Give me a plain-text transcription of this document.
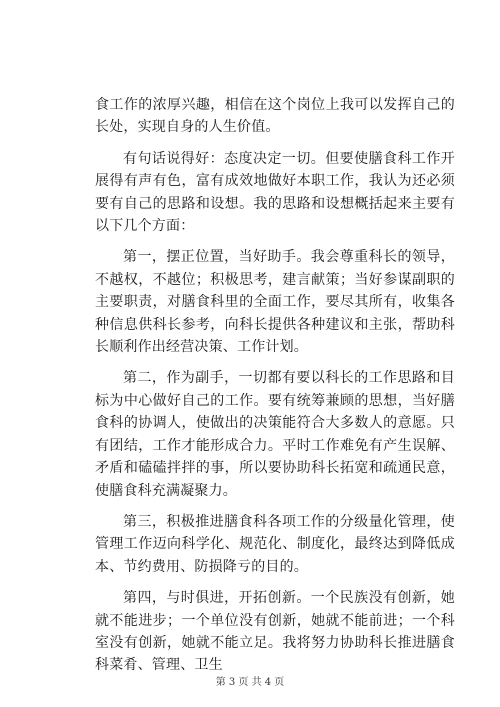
食工作的浓厚兴趣，相信在这个岗位上我可以发挥自己的长处，实现自身的人生价值。

有句话说得好：态度决定一切。但要使膳食科工作开展得有声有色，富有成效地做好本职工作，我认为还必须要有自己的思路和设想。我的思路和设想概括起来主要有以下几个方面：

第一，摆正位置，当好助手。我会尊重科长的领导，不越权，不越位；积极思考，建言献策；当好参谋副职的主要职责，对膳食科里的全面工作，要尽其所有，收集各种信息供科长参考，向科长提供各种建议和主张，帮助科长顺利作出经营决策、工作计划。

第二，作为副手，一切都有要以科长的工作思路和目标为中心做好自己的工作。要有统筹兼顾的思想，当好膳食科的协调人，使做出的决策能符合大多数人的意愿。只有团结，工作才能形成合力。平时工作难免有产生误解、矛盾和磕磕拌拌的事，所以要协助科长拓宽和疏通民意，使膳食科充满凝聚力。

第三，积极推进膳食科各项工作的分级量化管理，使管理工作迈向科学化、规范化、制度化，最终达到降低成本、节约费用、防损降亏的目的。

第四，与时俱进，开拓创新。一个民族没有创新，她就不能进步；一个单位没有创新，她就不能前进；一个科室没有创新，她就不能立足。我将努力协助科长推进膳食科菜肴、管理、卫生

第 3 页 共 4 页
